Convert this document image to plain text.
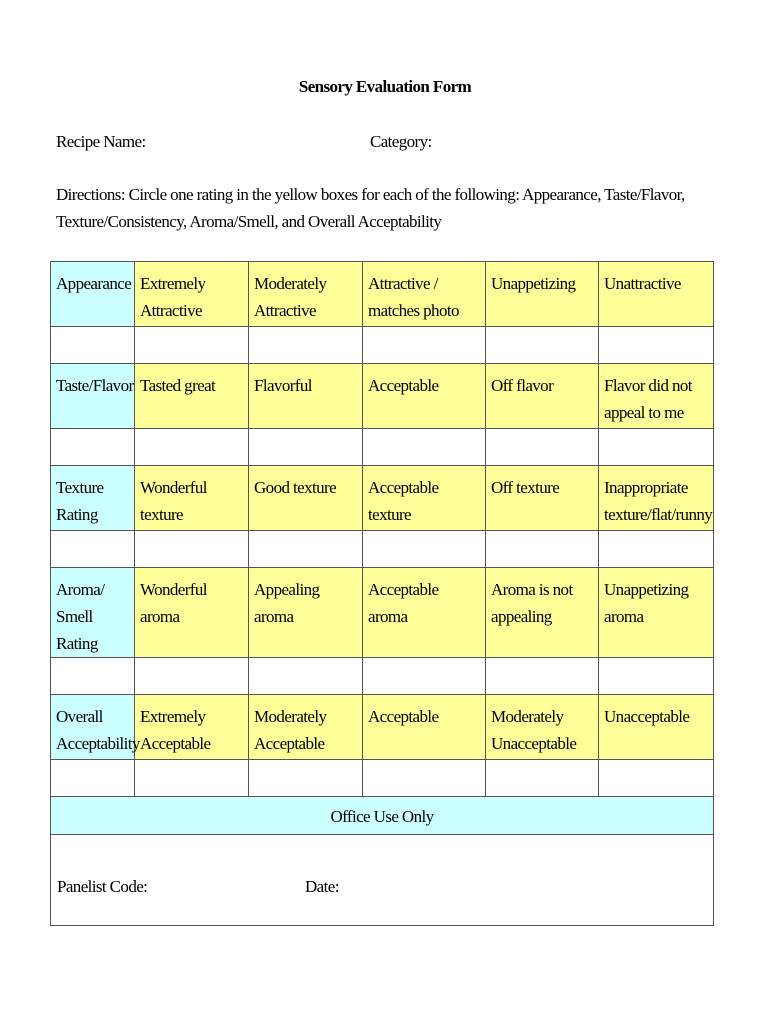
Sensory Evaluation Form
Recipe Name:	Category:
Directions: Circle one rating in the yellow boxes for each of the following: Appearance, Taste/Flavor,
Texture/Consistency, Aroma/Smell, and Overall Acceptability
Appearance	Extremely Attractive	Moderately Attractive	Attractive / matches photo	Unappetizing	Unattractive

Taste/Flavor	Tasted great	Flavorful	Acceptable	Off flavor	Flavor did not appeal to me

Texture Rating	Wonderful texture	Good texture	Acceptable texture	Off texture	Inappropriate texture/flat/runny

Aroma/ Smell Rating	Wonderful aroma	Appealing aroma	Acceptable aroma	Aroma is not appealing	Unappetizing aroma

Overall Acceptability	Extremely Acceptable	Moderately Acceptable	Acceptable	Moderately Unacceptable	Unacceptable

Office Use Only					

Panelist Code: Date:					
